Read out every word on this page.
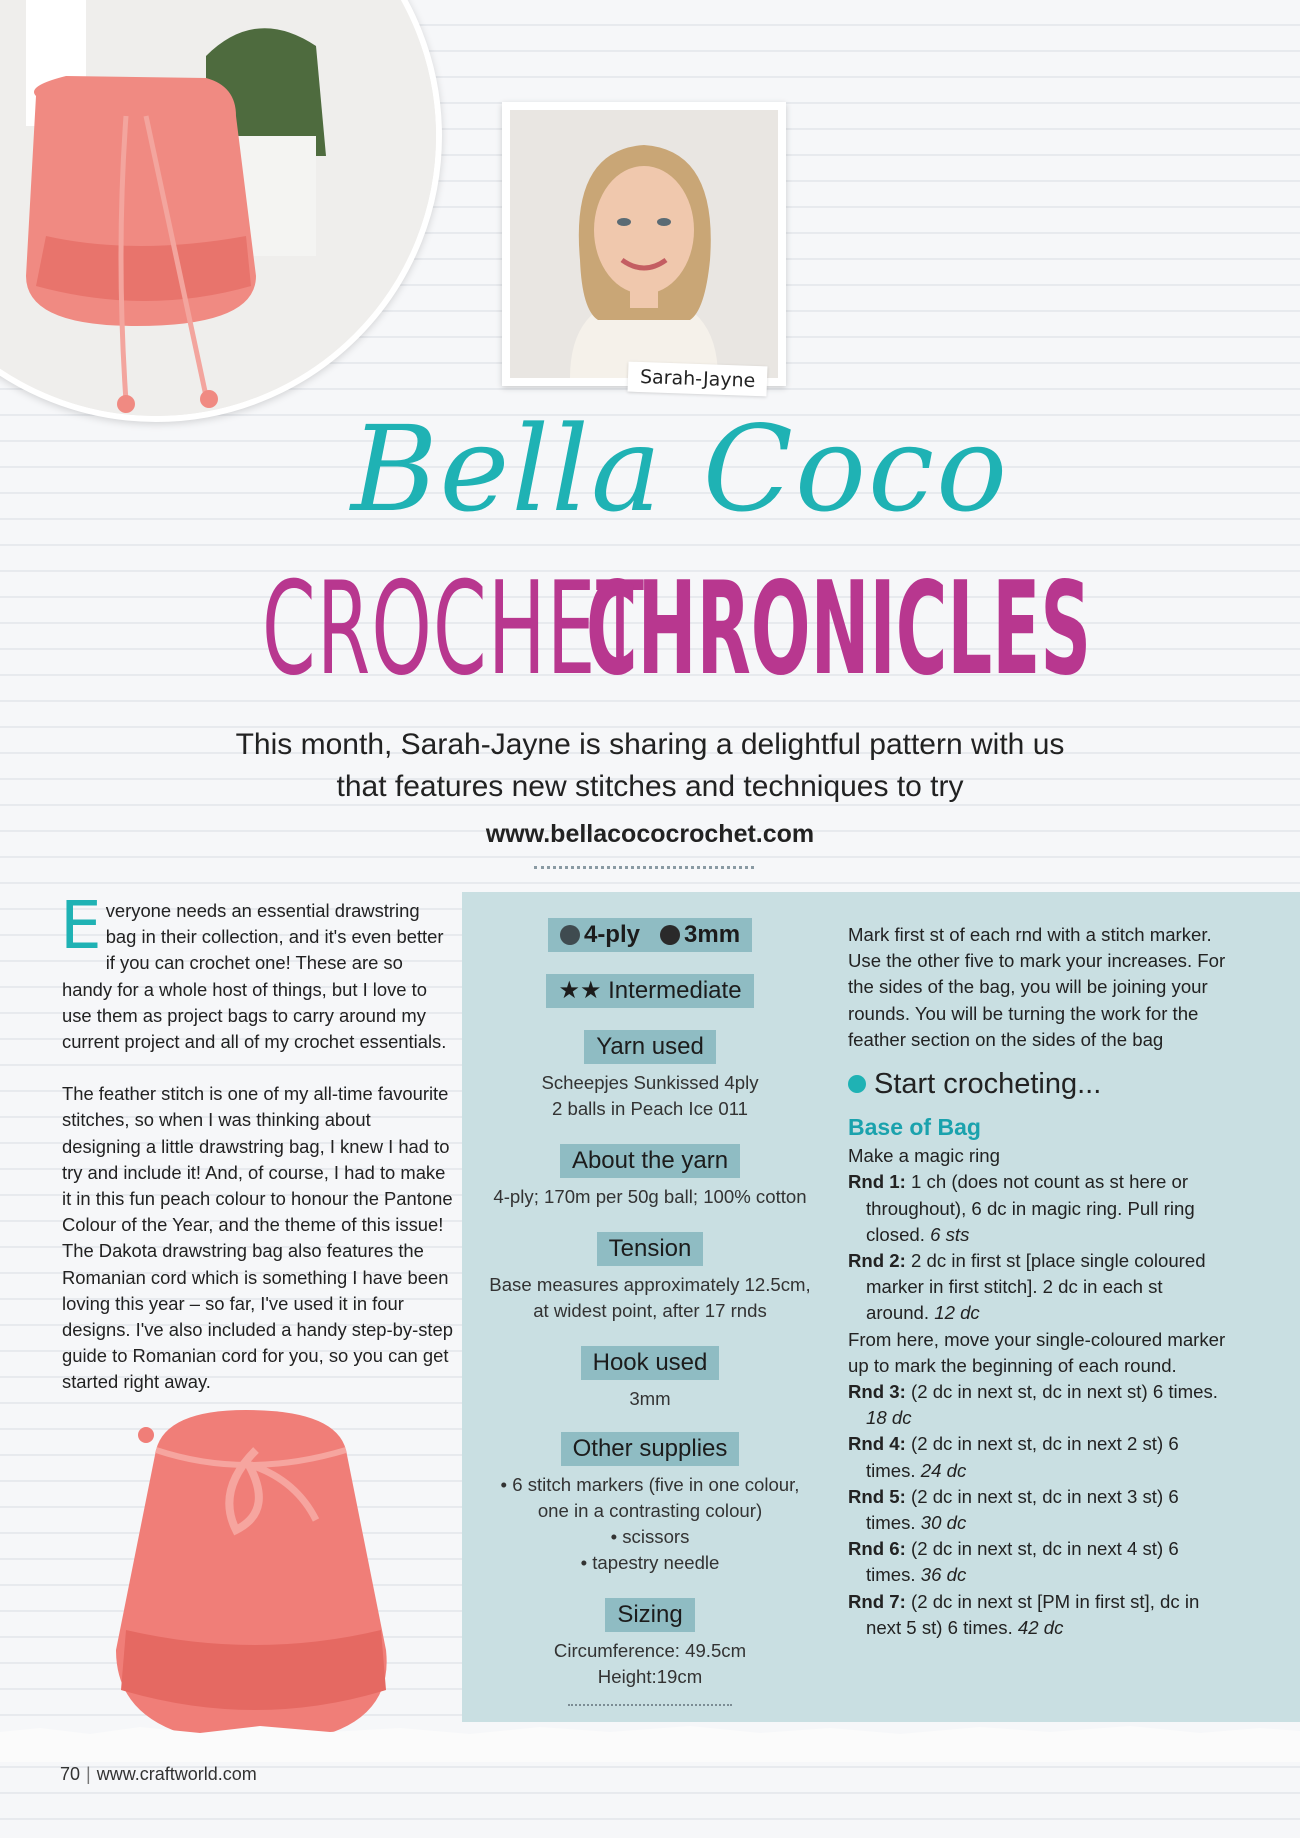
Sarah-Jayne
Bella Coco
CROCHET
CHRONICLES
This month, Sarah-Jayne is sharing a delightful pattern with us
that features new stitches and techniques to try
www.bellacococrochet.com

Everyone needs an essential drawstring bag in their collection, and it's even better if you can crochet one! These are so handy for a whole host of things, but I love to use them as project bags to carry around my current project and all of my crochet essentials.

The feather stitch is one of my all-time favourite stitches, so when I was thinking about designing a little drawstring bag, I knew I had to try and include it! And, of course, I had to make it in this fun peach colour to honour the Pantone Colour of the Year, and the theme of this issue! The Dakota drawstring bag also features the Romanian cord which is something I have been loving this year – so far, I've used it in four designs. I've also included a handy step-by-step guide to Romanian cord for you, so you can get started right away.

4-ply 3mm
★★ Intermediate
Yarn used
Scheepjes Sunkissed 4ply
2 balls in Peach Ice 011
About the yarn
4-ply; 170m per 50g ball; 100% cotton
Tension
Base measures approximately 12.5cm,
at widest point, after 17 rnds
Hook used
3mm
Other supplies
• 6 stitch markers (five in one colour,
one in a contrasting colour)
• scissors
• tapestry needle
Sizing
Circumference: 49.5cm
Height:19cm
Mark first st of each rnd with a stitch marker. Use the other five to mark your increases. For the sides of the bag, you will be joining your rounds. You will be turning the work for the feather section on the sides of the bag
Start crocheting...
Base of Bag
Make a magic ring
Rnd 1: 1 ch (does not count as st here or throughout), 6 dc in magic ring. Pull ring closed. 6 sts
Rnd 2: 2 dc in first st [place single coloured marker in first stitch]. 2 dc in each st around. 12 dc
From here, move your single-coloured marker up to mark the beginning of each round.
Rnd 3: (2 dc in next st, dc in next st) 6 times. 18 dc
Rnd 4: (2 dc in next st, dc in next 2 st) 6 times. 24 dc
Rnd 5: (2 dc in next st, dc in next 3 st) 6 times. 30 dc
Rnd 6: (2 dc in next st, dc in next 4 st) 6 times. 36 dc
Rnd 7: (2 dc in next st [PM in first st], dc in next 5 st) 6 times. 42 dc
70 | www.craftworld.com
